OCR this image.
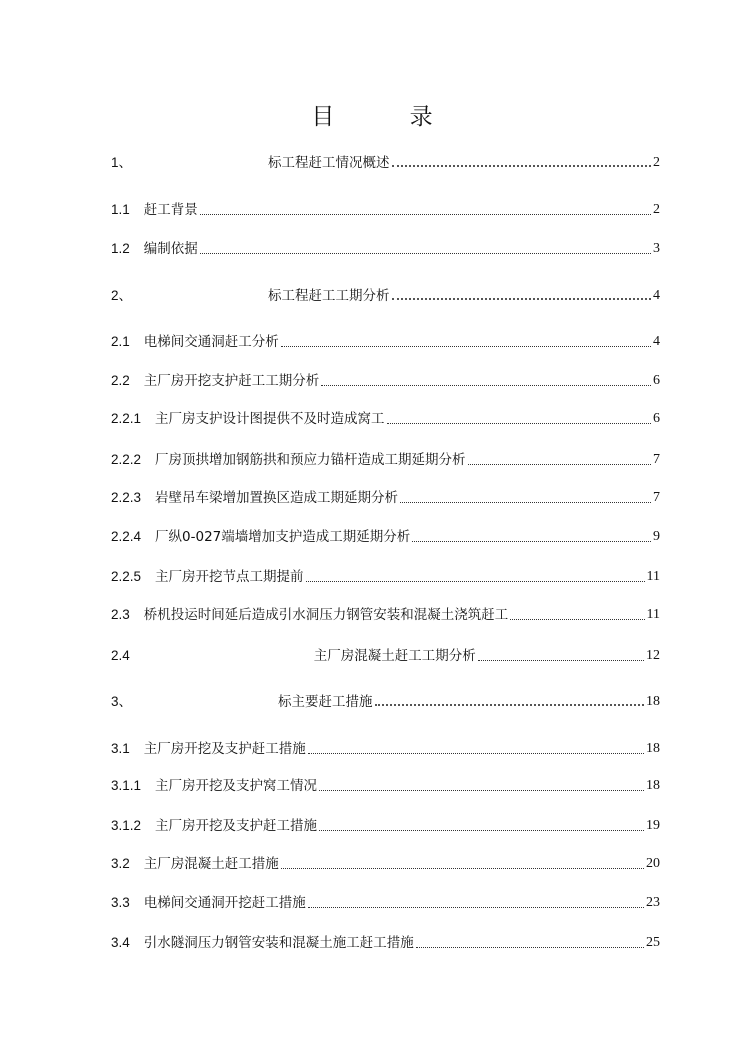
目 录
1、	标工程赶工情况概述	2
1.1 赶工背景	2
1.2 编制依据	3
2、	标工程赶工工期分析	4
2.1 电梯间交通洞赶工分析	4
2.2 主厂房开挖支护赶工工期分析	6
2.2.1 主厂房支护设计图提供不及时造成窝工	6
2.2.2 厂房顶拱增加钢筋拱和预应力锚杆造成工期延期分析	7
2.2.3 岩壁吊车梁增加置换区造成工期延期分析	7
2.2.4 厂纵0-027端墙增加支护造成工期延期分析	9
2.2.5 主厂房开挖节点工期提前	11
2.3 桥机投运时间延后造成引水洞压力钢管安装和混凝土浇筑赶工	11
2.4	主厂房混凝土赶工工期分析	12
3、	标主要赶工措施	18
3.1 主厂房开挖及支护赶工措施	18
3.1.1 主厂房开挖及支护窝工情况	18
3.1.2 主厂房开挖及支护赶工措施	19
3.2 主厂房混凝土赶工措施	20
3.3 电梯间交通洞开挖赶工措施	23
3.4 引水隧洞压力钢管安装和混凝土施工赶工措施	25
